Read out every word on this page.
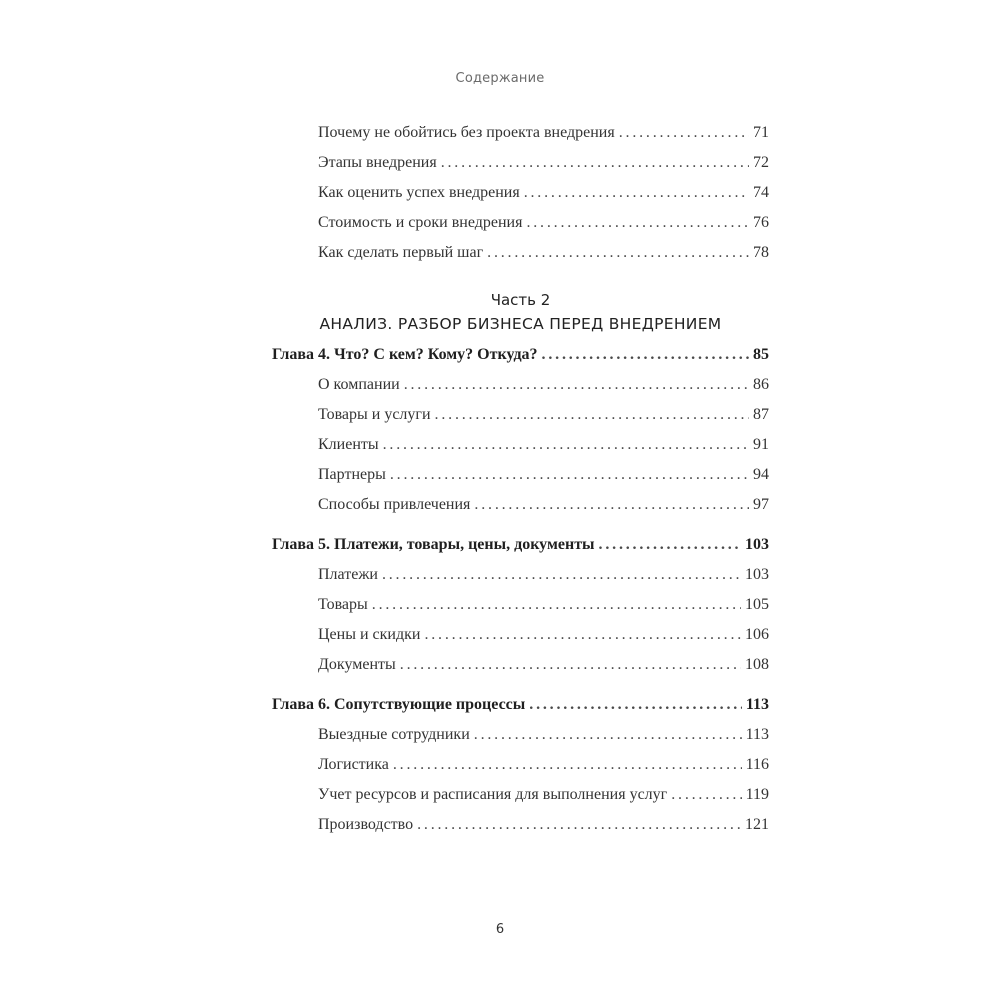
Содержание
Почему не обойтись без проекта внедрения . . .	71
Этапы внедрения . . .	72
Как оценить успех внедрения . . .	74
Стоимость и сроки внедрения . . .	76
Как сделать первый шаг . . .	78
Часть 2
АНАЛИЗ. РАЗБОР БИЗНЕСА ПЕРЕД ВНЕДРЕНИЕМ
Глава 4. Что? С кем? Кому? Откуда? . . .	85
О компании . . .	86
Товары и услуги . . .	87
Клиенты . . .	91
Партнеры . . .	94
Способы привлечения . . .	97
Глава 5. Платежи, товары, цены, документы . . .	103
Платежи . . .	103
Товары . . .	105
Цены и скидки . . .	106
Документы . . .	108
Глава 6. Сопутствующие процессы . . .	113
Выездные сотрудники . . .	113
Логистика . . .	116
Учет ресурсов и расписания для выполнения услуг . . .	119
Производство . . .	121
6
